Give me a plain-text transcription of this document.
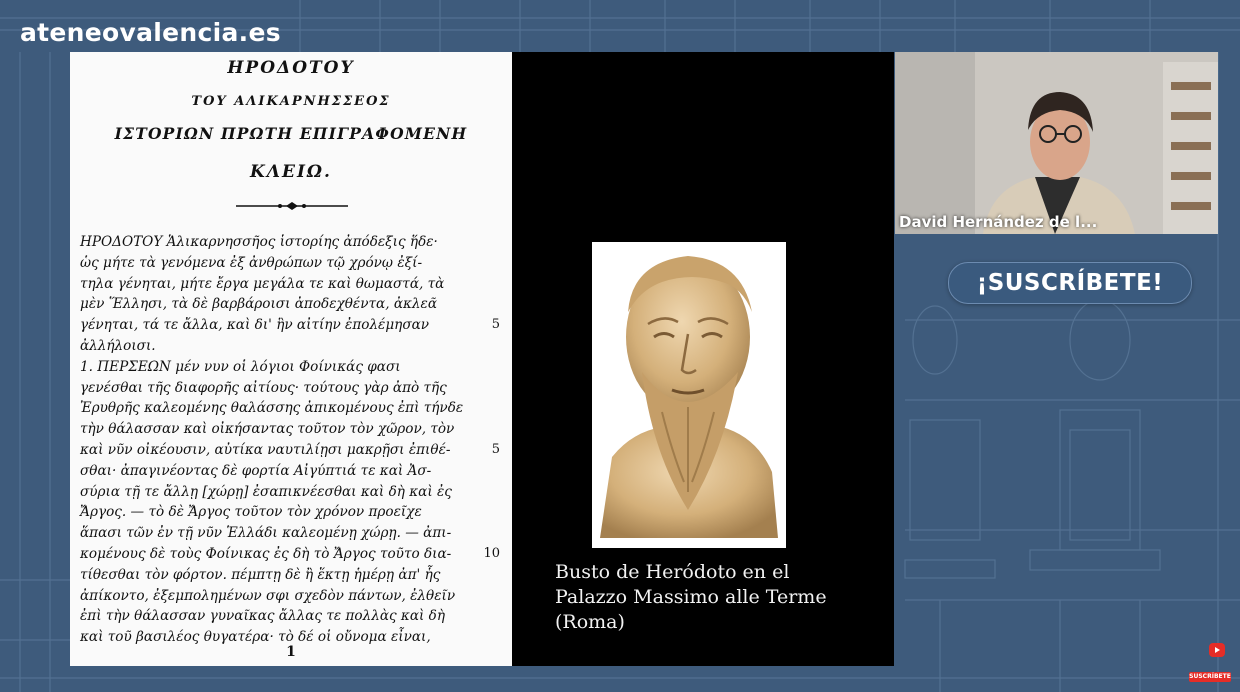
ateneovalencia.es
ΗΡΟΔΟΤΟΥ
ΤΟΥ ΑΛΙΚΑΡΝΗΣΣΕΟΣ
ΙΣΤΟΡΙΩΝ ΠΡΩΤΗ ΕΠΙΓΡΑΦΟΜΕΝΗ
ΚΛΕΙΩ.
ΗΡΟΔΟΤΟΥ Ἁλικαρνησσῆος ἱστορίης ἀπόδεξις ἥδε·
ὡς μήτε τὰ γενόμενα ἐξ ἀνθρώπων τῷ χρόνῳ ἐξί-
τηλα γένηται, μήτε ἔργα μεγάλα τε καὶ θωμαστά, τὰ
μὲν Ἕλλησι, τὰ δὲ βαρβάροισι ἀποδεχθέντα, ἀκλεᾶ
γένηται, τά τε ἄλλα, καὶ δι' ἣν αἰτίην ἐπολέμησαν	5
ἀλλήλοισι.
1. ΠΕΡΣΕΩΝ μέν νυν οἱ λόγιοι Φοίνικάς φασι
γενέσθαι τῆς διαφορῆς αἰτίους· τούτους γὰρ ἀπὸ τῆς
Ἐρυθρῆς καλεομένης θαλάσσης ἀπικομένους ἐπὶ τήνδε
τὴν θάλασσαν καὶ οἰκήσαντας τοῦτον τὸν χῶρον, τὸν
καὶ νῦν οἰκέουσιν, αὐτίκα ναυτιλίῃσι μακρῇσι ἐπιθέ-	5
σθαι· ἀπαγινέοντας δὲ φορτία Αἰγύπτιά τε καὶ Ἀσ-
σύρια τῇ τε ἄλλῃ [χώρῃ] ἐσαπικνέεσθαι καὶ δὴ καὶ ἐς
Ἄργος. — τὸ δὲ Ἄργος τοῦτον τὸν χρόνον προεῖχε
ἅπασι τῶν ἐν τῇ νῦν Ἑλλάδι καλεομένῃ χώρῃ. — ἀπι-
κομένους δὲ τοὺς Φοίνικας ἐς δὴ τὸ Ἄργος τοῦτο δια- 10
τίθεσθαι τὸν φόρτον. πέμπτῃ δὲ ἢ ἕκτῃ ἡμέρῃ ἀπ' ἧς
ἀπίκοντο, ἐξεμπολημένων σφι σχεδὸν πάντων, ἐλθεῖν
ἐπὶ τὴν θάλασσαν γυναῖκας ἄλλας τε πολλὰς καὶ δὴ
καὶ τοῦ βασιλέος θυγατέρα· τὸ δέ οἱ οὔνομα εἶναι,
1
Busto de Heródoto en el
Palazzo Massimo alle Terme
(Roma)
David Hernández de l...
¡SUSCRÍBETE!
SUSCRÍBETE
